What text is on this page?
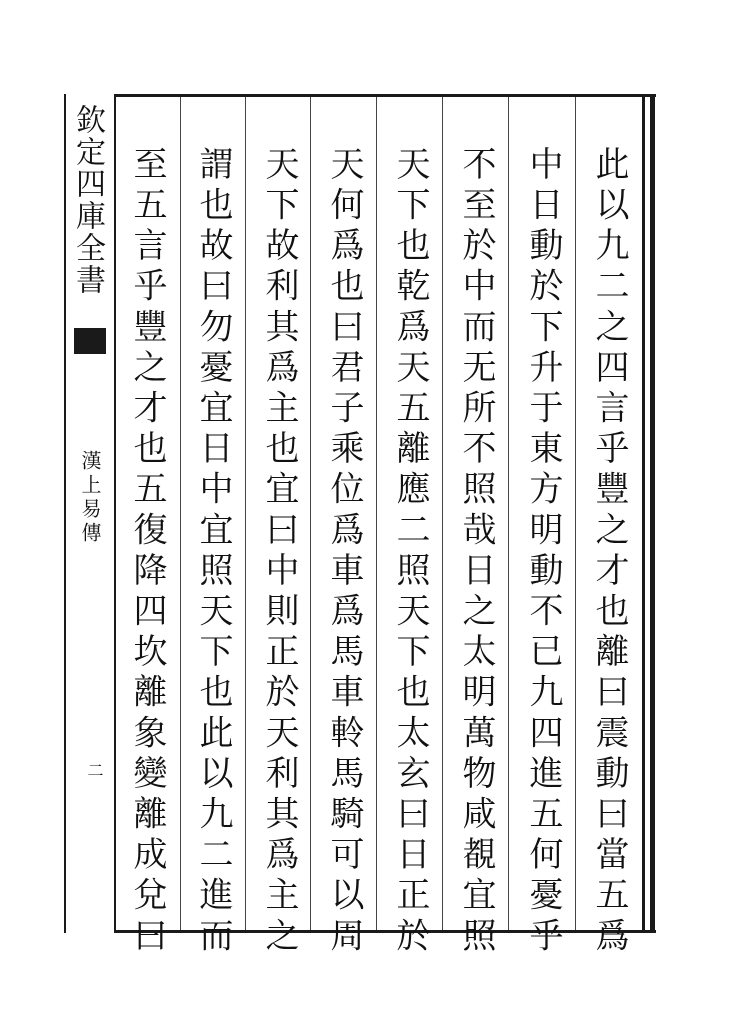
欽定四庫全書
漢上易傳
二	此以九二之四言乎豐之才也離曰震動曰當五爲
中日動於下升于東方明動不已九四進五何憂乎
不至於中而无所不照哉日之太明萬物咸覩宜照
天下也乾爲天五離應二照天下也太玄曰日正於
天何爲也曰君子乘位爲車爲馬車軨馬騎可以周
天下故利其爲主也宜曰中則正於天利其爲主之
謂也故曰勿憂宜日中宜照天下也此以九二進而
至五言乎豐之才也五復降四坎離象變離成兌曰
